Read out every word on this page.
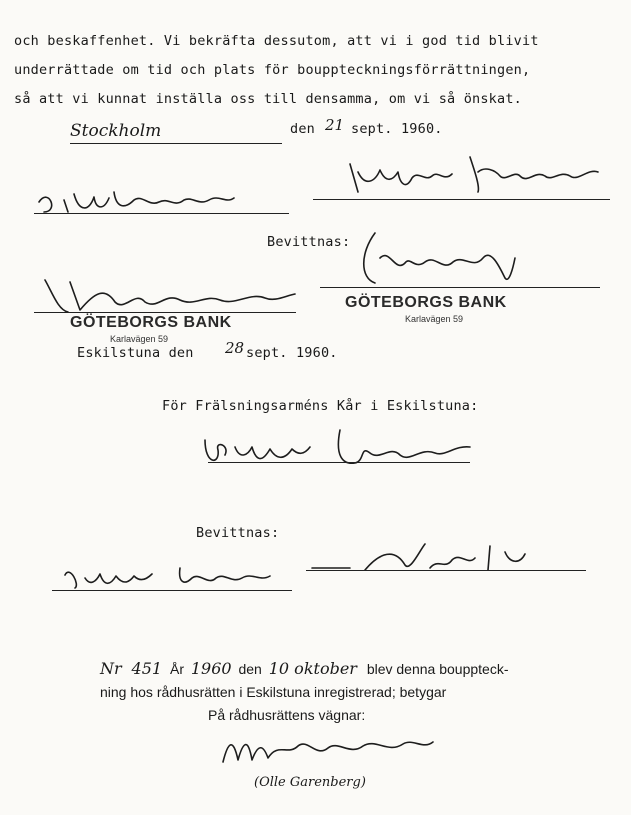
och beskaffenhet. Vi bekräfta dessutom, att vi i god tid blivit
underrättade om tid och plats för bouppteckningsförrättningen,
så att vi kunnat inställa oss till densamma, om vi så önskat.
Stockholm	den 21 sept. 1960.
Bevittnas:
GÖTEBORGS BANK
Karlavägen 59
GÖTEBORGS BANK
Karlavägen 59
Eskilstuna den 28 sept. 1960.
För Frälsningsarméns Kår i Eskilstuna:
Bevittnas:
Nr 451 År 1960 den 10 oktober blev denna bouppteck-
ning hos rådhusrätten i Eskilstuna inregistrerad; betygar
På rådhusrättens vägnar:
(Olle Garenberg)
